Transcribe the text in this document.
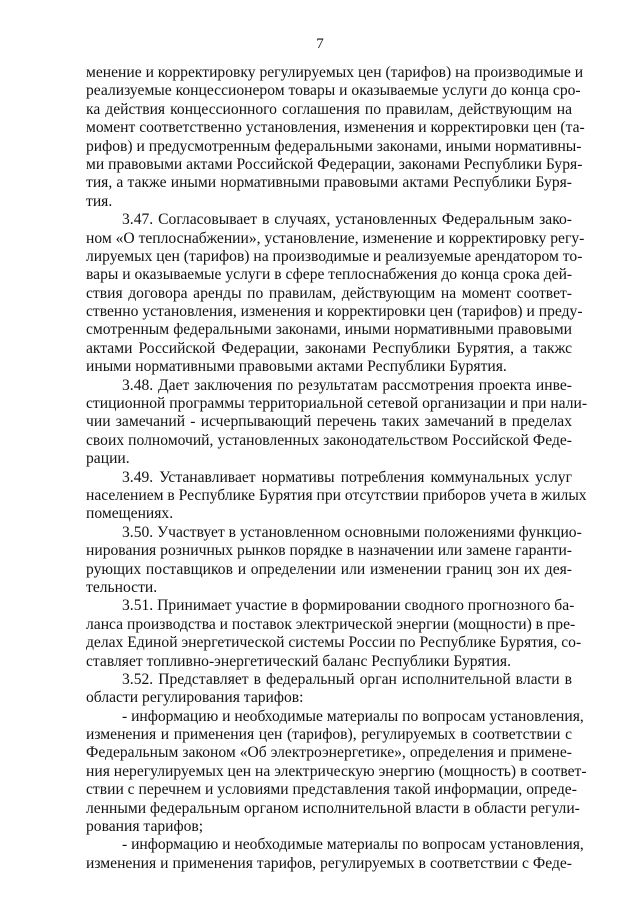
7
менение и корректировку регулируемых цен (тарифов) на производимые и
реализуемые концессионером товары и оказываемые услуги до конца сро-
ка действия концессионного соглашения по правилам, действующим на
момент соответственно установления, изменения и корректировки цен (та-
рифов) и предусмотренным федеральными законами, иными нормативны-
ми правовыми актами Российской Федерации, законами Республики Буря-
тия, а также иными нормативными правовыми актами Республики Буря-
тия.
3.47. Согласовывает в случаях, установленных Федеральным зако-
ном «О теплоснабжении», установление, изменение и корректировку регу-
лируемых цен (тарифов) на производимые и реализуемые арендатором то-
вары и оказываемые услуги в сфере теплоснабжения до конца срока дей-
ствия договора аренды по правилам, действующим на момент соответ-
ственно установления, изменения и корректировки цен (тарифов) и преду-
смотренным федеральными законами, иными нормативными правовыми
актами Российской Федерации, законами Республики Бурятия, а такжс
иными нормативными правовыми актами Республики Бурятия.
3.48. Дает заключения по результатам рассмотрения проекта инве-
стиционной программы территориальной сетевой организации и при нали-
чии замечаний - исчерпывающий перечень таких замечаний в пределах
своих полномочий, установленных законодательством Российской Феде-
рации.
3.49. Устанавливает нормативы потребления коммунальных услуг
населением в Республике Бурятия при отсутствии приборов учета в жилых
помещениях.
3.50. Участвует в установленном основными положениями функцио-
нирования розничных рынков порядке в назначении или замене гаранти-
рующих поставщиков и определении или изменении границ зон их дея-
тельности.
3.51. Принимает участие в формировании сводного прогнозного ба-
ланса производства и поставок электрической энергии (мощности) в пре-
делах Единой энергетической системы России по Республике Бурятия, со-
ставляет топливно-энергетический баланс Республики Бурятия.
3.52. Представляет в федеральный орган исполнительной власти в
области регулирования тарифов:
- информацию и необходимые материалы по вопросам установления,
изменения и применения цен (тарифов), регулируемых в соответствии с
Федеральным законом «Об электроэнергетике», определения и примене-
ния нерегулируемых цен на электрическую энергию (мощность) в соответ-
ствии с перечнем и условиями представления такой информации, опреде-
ленными федеральным органом исполнительной власти в области регули-
рования тарифов;
- информацию и необходимые материалы по вопросам установления,
изменения и применения тарифов, регулируемых в соответствии с Феде-
